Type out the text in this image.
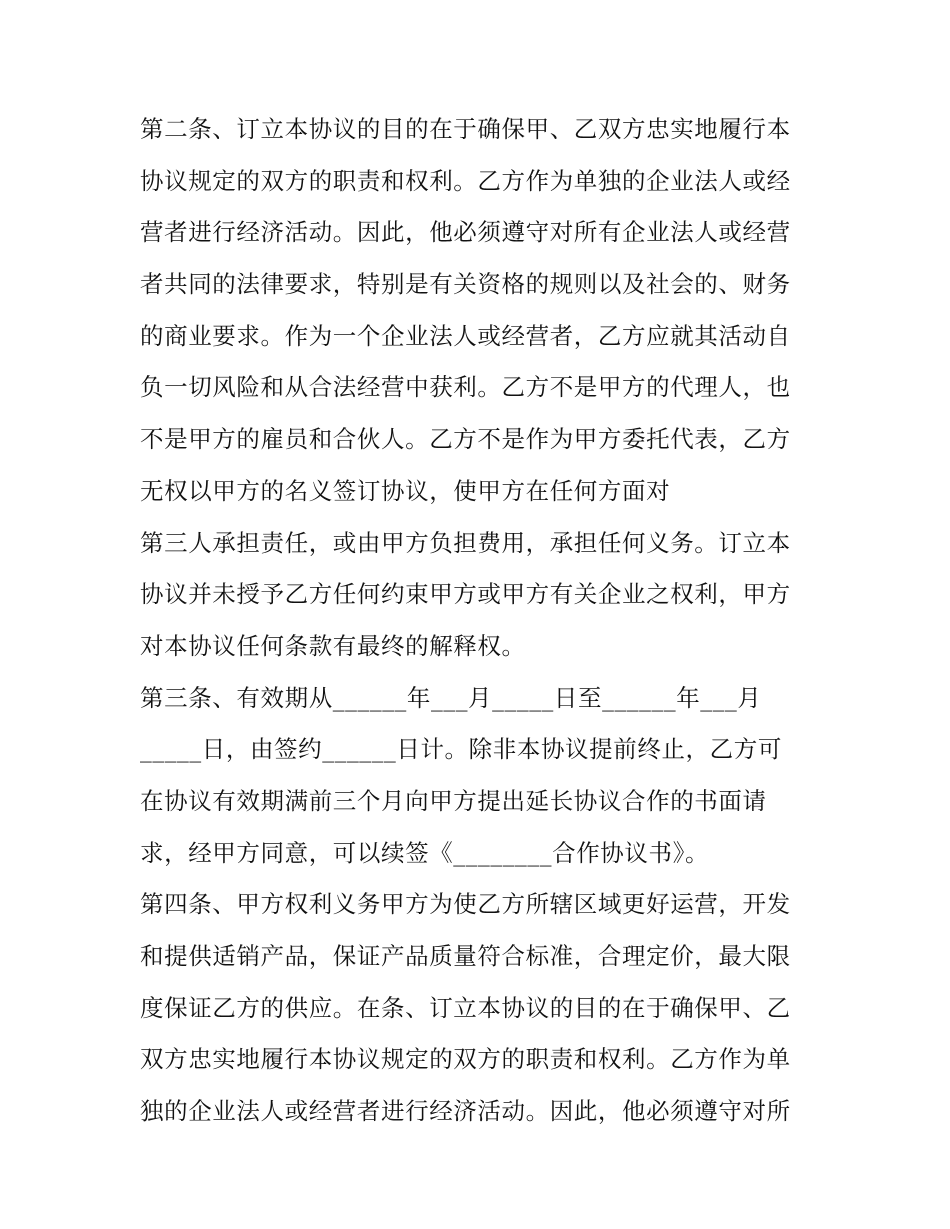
第二条、订立本协议的目的在于确保甲、乙双方忠实地履行本
协议规定的双方的职责和权利。乙方作为单独的企业法人或经
营者进行经济活动。因此，他必须遵守对所有企业法人或经营
者共同的法律要求，特别是有关资格的规则以及社会的、财务
的商业要求。作为一个企业法人或经营者，乙方应就其活动自
负一切风险和从合法经营中获利。乙方不是甲方的代理人，也
不是甲方的雇员和合伙人。乙方不是作为甲方委托代表，乙方
无权以甲方的名义签订协议，使甲方在任何方面对
第三人承担责任，或由甲方负担费用，承担任何义务。订立本
协议并未授予乙方任何约束甲方或甲方有关企业之权利，甲方
对本协议任何条款有最终的解释权。
第三条、有效期从______年___月_____日至______年___月
_____日，由签约______日计。除非本协议提前终止，乙方可
在协议有效期满前三个月向甲方提出延长协议合作的书面请
求，经甲方同意，可以续签《________合作协议书》。
第四条、甲方权利义务甲方为使乙方所辖区域更好运营，开发
和提供适销产品，保证产品质量符合标准，合理定价，最大限
度保证乙方的供应。在条、订立本协议的目的在于确保甲、乙
双方忠实地履行本协议规定的双方的职责和权利。乙方作为单
独的企业法人或经营者进行经济活动。因此，他必须遵守对所
